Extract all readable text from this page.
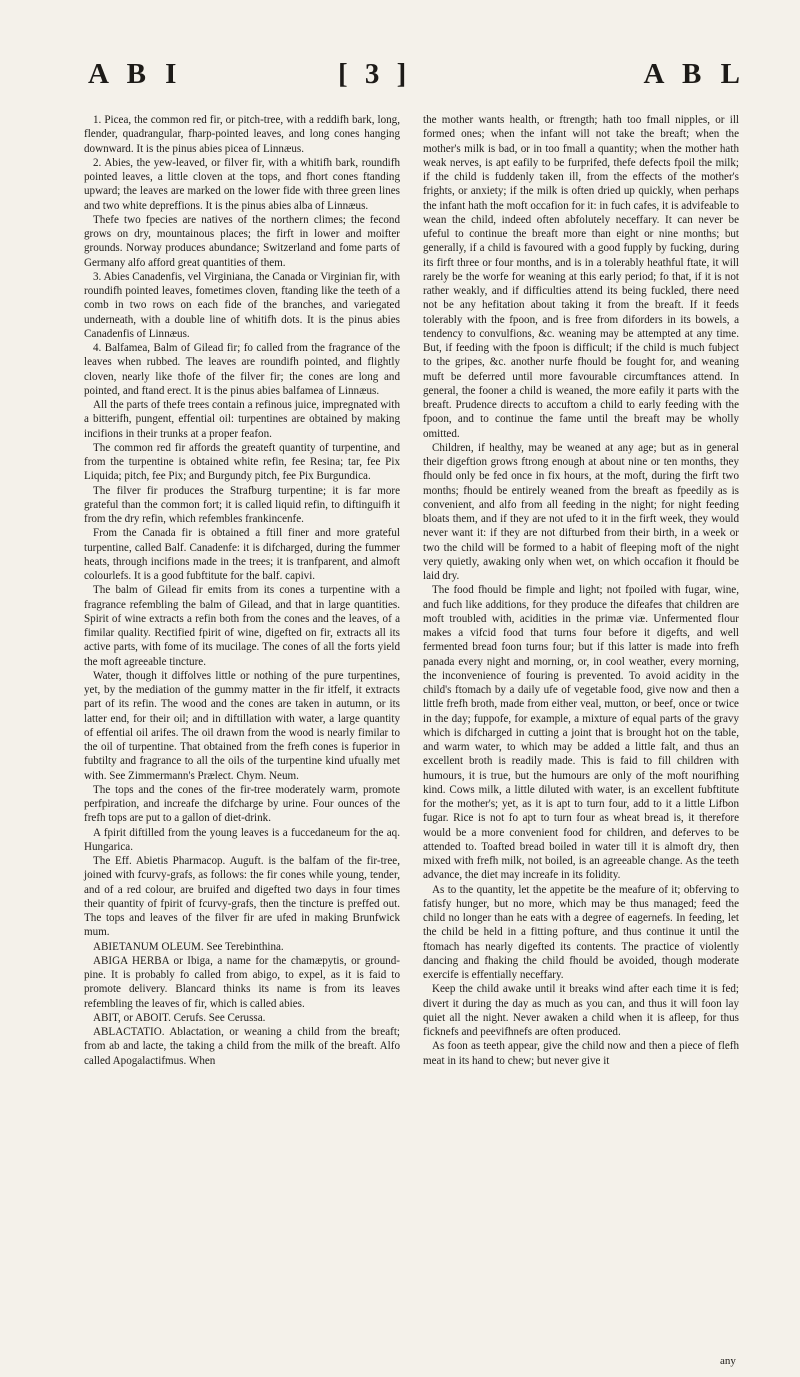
A B I	[ 3 ]	A B L

1. Picea, the common red fir, or pitch-tree, with a reddifh bark, long, flender, quadrangular, fharp-pointed leaves, and long cones hanging downward. It is the pinus abies picea of Linnæus.

2. Abies, the yew-leaved, or filver fir, with a whitifh bark, roundifh pointed leaves, a little cloven at the tops, and fhort cones ftanding upward; the leaves are marked on the lower fide with three green lines and two white depreffions. It is the pinus abies alba of Linnæus.

Thefe two fpecies are natives of the northern climes; the fecond grows on dry, mountainous places; the firft in lower and moifter grounds. Norway produces abundance; Switzerland and fome parts of Germany alfo afford great quantities of them.

3. Abies Canadenfis, vel Virginiana, the Canada or Virginian fir, with roundifh pointed leaves, fometimes cloven, ftanding like the teeth of a comb in two rows on each fide of the branches, and variegated underneath, with a double line of whitifh dots. It is the pinus abies Canadenfis of Linnæus.

4. Balfamea, Balm of Gilead fir; fo called from the fragrance of the leaves when rubbed. The leaves are roundifh pointed, and flightly cloven, nearly like thofe of the filver fir; the cones are long and pointed, and ftand erect. It is the pinus abies balfamea of Linnæus.

All the parts of thefe trees contain a refinous juice, impregnated with a bitterifh, pungent, effential oil: turpentines are obtained by making incifions in their trunks at a proper feafon.

The common red fir affords the greateft quantity of turpentine, and from the turpentine is obtained white refin, fee Resina; tar, fee Pix Liquida; pitch, fee Pix; and Burgundy pitch, fee Pix Burgundica.

The filver fir produces the Strafburg turpentine; it is far more grateful than the common fort; it is called liquid refin, to diftinguifh it from the dry refin, which refembles frankincenfe.

From the Canada fir is obtained a ftill finer and more grateful turpentine, called Balf. Canadenfe: it is difcharged, during the fummer heats, through incifions made in the trees; it is tranfparent, and almoft colourlefs. It is a good fubftitute for the balf. capivi.

The balm of Gilead fir emits from its cones a turpentine with a fragrance refembling the balm of Gilead, and that in large quantities. Spirit of wine extracts a refin both from the cones and the leaves, of a fimilar quality. Rectified fpirit of wine, digefted on fir, extracts all its active parts, with fome of its mucilage. The cones of all the forts yield the moft agreeable tincture.

Water, though it diffolves little or nothing of the pure turpentines, yet, by the mediation of the gummy matter in the fir itfelf, it extracts part of its refin. The wood and the cones are taken in autumn, or its latter end, for their oil; and in diftillation with water, a large quantity of effential oil arifes. The oil drawn from the wood is nearly fimilar to the oil of turpentine. That obtained from the frefh cones is fuperior in fubtilty and fragrance to all the oils of the turpentine kind ufually met with. See Zimmermann's Prælect. Chym. Neum.

The tops and the cones of the fir-tree moderately warm, promote perfpiration, and increafe the difcharge by urine. Four ounces of the frefh tops are put to a gallon of diet-drink.

A fpirit diftilled from the young leaves is a fuccedaneum for the aq. Hungarica.

The Eff. Abietis Pharmacop. Auguft. is the balfam of the fir-tree, joined with fcurvy-grafs, as follows: the fir cones while young, tender, and of a red colour, are bruifed and digefted two days in four times their quantity of fpirit of fcurvy-grafs, then the tincture is preffed out. The tops and leaves of the filver fir are ufed in making Brunfwick mum.

ABIETANUM OLEUM. See Terebinthina.

ABIGA HERBA or Ibiga, a name for the chamæpytis, or ground-pine. It is probably fo called from abigo, to expel, as it is faid to promote delivery. Blancard thinks its name is from its leaves refembling the leaves of fir, which is called abies.

ABIT, or ABOIT. Cerufs. See Cerussa.

ABLACTATIO. Ablactation, or weaning a child from the breaft; from ab and lacte, the taking a child from the milk of the breaft. Alfo called Apogalactifmus. When

the mother wants health, or ftrength; hath too fmall nipples, or ill formed ones; when the infant will not take the breaft; when the mother's milk is bad, or in too fmall a quantity; when the mother hath weak nerves, is apt eafily to be furprifed, thefe defects fpoil the milk; if the child is fuddenly taken ill, from the effects of the mother's frights, or anxiety; if the milk is often dried up quickly, when perhaps the infant hath the moft occafion for it: in fuch cafes, it is advifeable to wean the child, indeed often abfolutely neceffary. It can never be ufeful to continue the breaft more than eight or nine months; but generally, if a child is favoured with a good fupply by fucking, during its firft three or four months, and is in a tolerably heathful ftate, it will rarely be the worfe for weaning at this early period; fo that, if it is not rather weakly, and if difficulties attend its being fuckled, there need not be any hefitation about taking it from the breaft. If it feeds tolerably with the fpoon, and is free from diforders in its bowels, a tendency to convulfions, &c. weaning may be attempted at any time. But, if feeding with the fpoon is difficult; if the child is much fubject to the gripes, &c. another nurfe fhould be fought for, and weaning muft be deferred until more favourable circumftances attend. In general, the fooner a child is weaned, the more eafily it parts with the breaft. Prudence directs to accuftom a child to early feeding with the fpoon, and to continue the fame until the breaft may be wholly omitted.

Children, if healthy, may be weaned at any age; but as in general their digeftion grows ftrong enough at about nine or ten months, they fhould only be fed once in fix hours, at the moft, during the firft two months; fhould be entirely weaned from the breaft as fpeedily as is convenient, and alfo from all feeding in the night; for night feeding bloats them, and if they are not ufed to it in the firft week, they would never want it: if they are not difturbed from their birth, in a week or two the child will be formed to a habit of fleeping moft of the night very quietly, awaking only when wet, on which occafion it fhould be laid dry.

The food fhould be fimple and light; not fpoiled with fugar, wine, and fuch like additions, for they produce the difeafes that children are moft troubled with, acidities in the primæ viæ. Unfermented flour makes a vifcid food that turns four before it digefts, and well fermented bread foon turns four; but if this latter is made into frefh panada every night and morning, or, in cool weather, every morning, the inconvenience of fouring is prevented. To avoid acidity in the child's ftomach by a daily ufe of vegetable food, give now and then a little frefh broth, made from either veal, mutton, or beef, once or twice in the day; fuppofe, for example, a mixture of equal parts of the gravy which is difcharged in cutting a joint that is brought hot on the table, and warm water, to which may be added a little falt, and thus an excellent broth is readily made. This is faid to fill children with humours, it is true, but the humours are only of the moft nourifhing kind. Cows milk, a little diluted with water, is an excellent fubftitute for the mother's; yet, as it is apt to turn four, add to it a little Lifbon fugar. Rice is not fo apt to turn four as wheat bread is, it therefore would be a more convenient food for children, and deferves to be attended to. Toafted bread boiled in water till it is almoft dry, then mixed with frefh milk, not boiled, is an agreeable change. As the teeth advance, the diet may increafe in its folidity.

As to the quantity, let the appetite be the meafure of it; obferving to fatisfy hunger, but no more, which may be thus managed; feed the child no longer than he eats with a degree of eagernefs. In feeding, let the child be held in a fitting pofture, and thus continue it until the ftomach has nearly digefted its contents. The practice of violently dancing and fhaking the child fhould be avoided, though moderate exercife is effentially neceffary.

Keep the child awake until it breaks wind after each time it is fed; divert it during the day as much as you can, and thus it will foon lay quiet all the night. Never awaken a child when it is afleep, for thus ficknefs and peevifhnefs are often produced.

As foon as teeth appear, give the child now and then a piece of flefh meat in its hand to chew; but never give it

any
